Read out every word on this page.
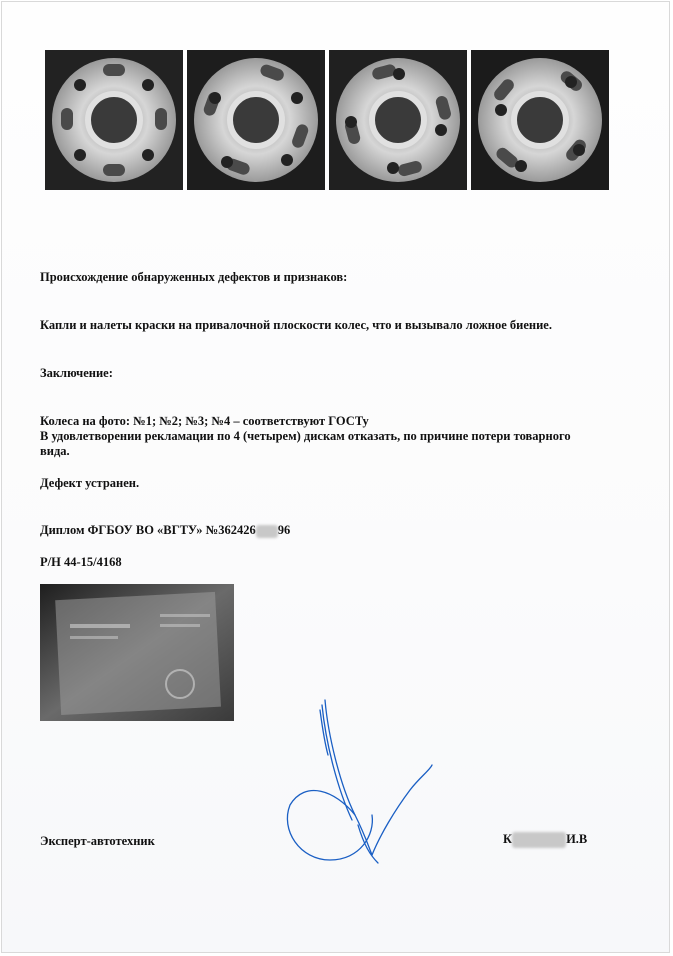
Происхождение обнаруженных дефектов и признаков:
Капли и налеты краски на привалочной плоскости колес, что и вызывало ложное биение.
Заключение:
Колеса на фото: №1; №2; №3; №4 – соответствуют ГОСТу
В удовлетворении рекламации по 4 (четырем) дискам отказать, по причине потери товарного
вида.
Дефект устранен.
Диплом ФГБОУ ВО «ВГТУ» №362426 96
Р/Н 44-15/4168
Эксперт-автотехник	К	И.В
